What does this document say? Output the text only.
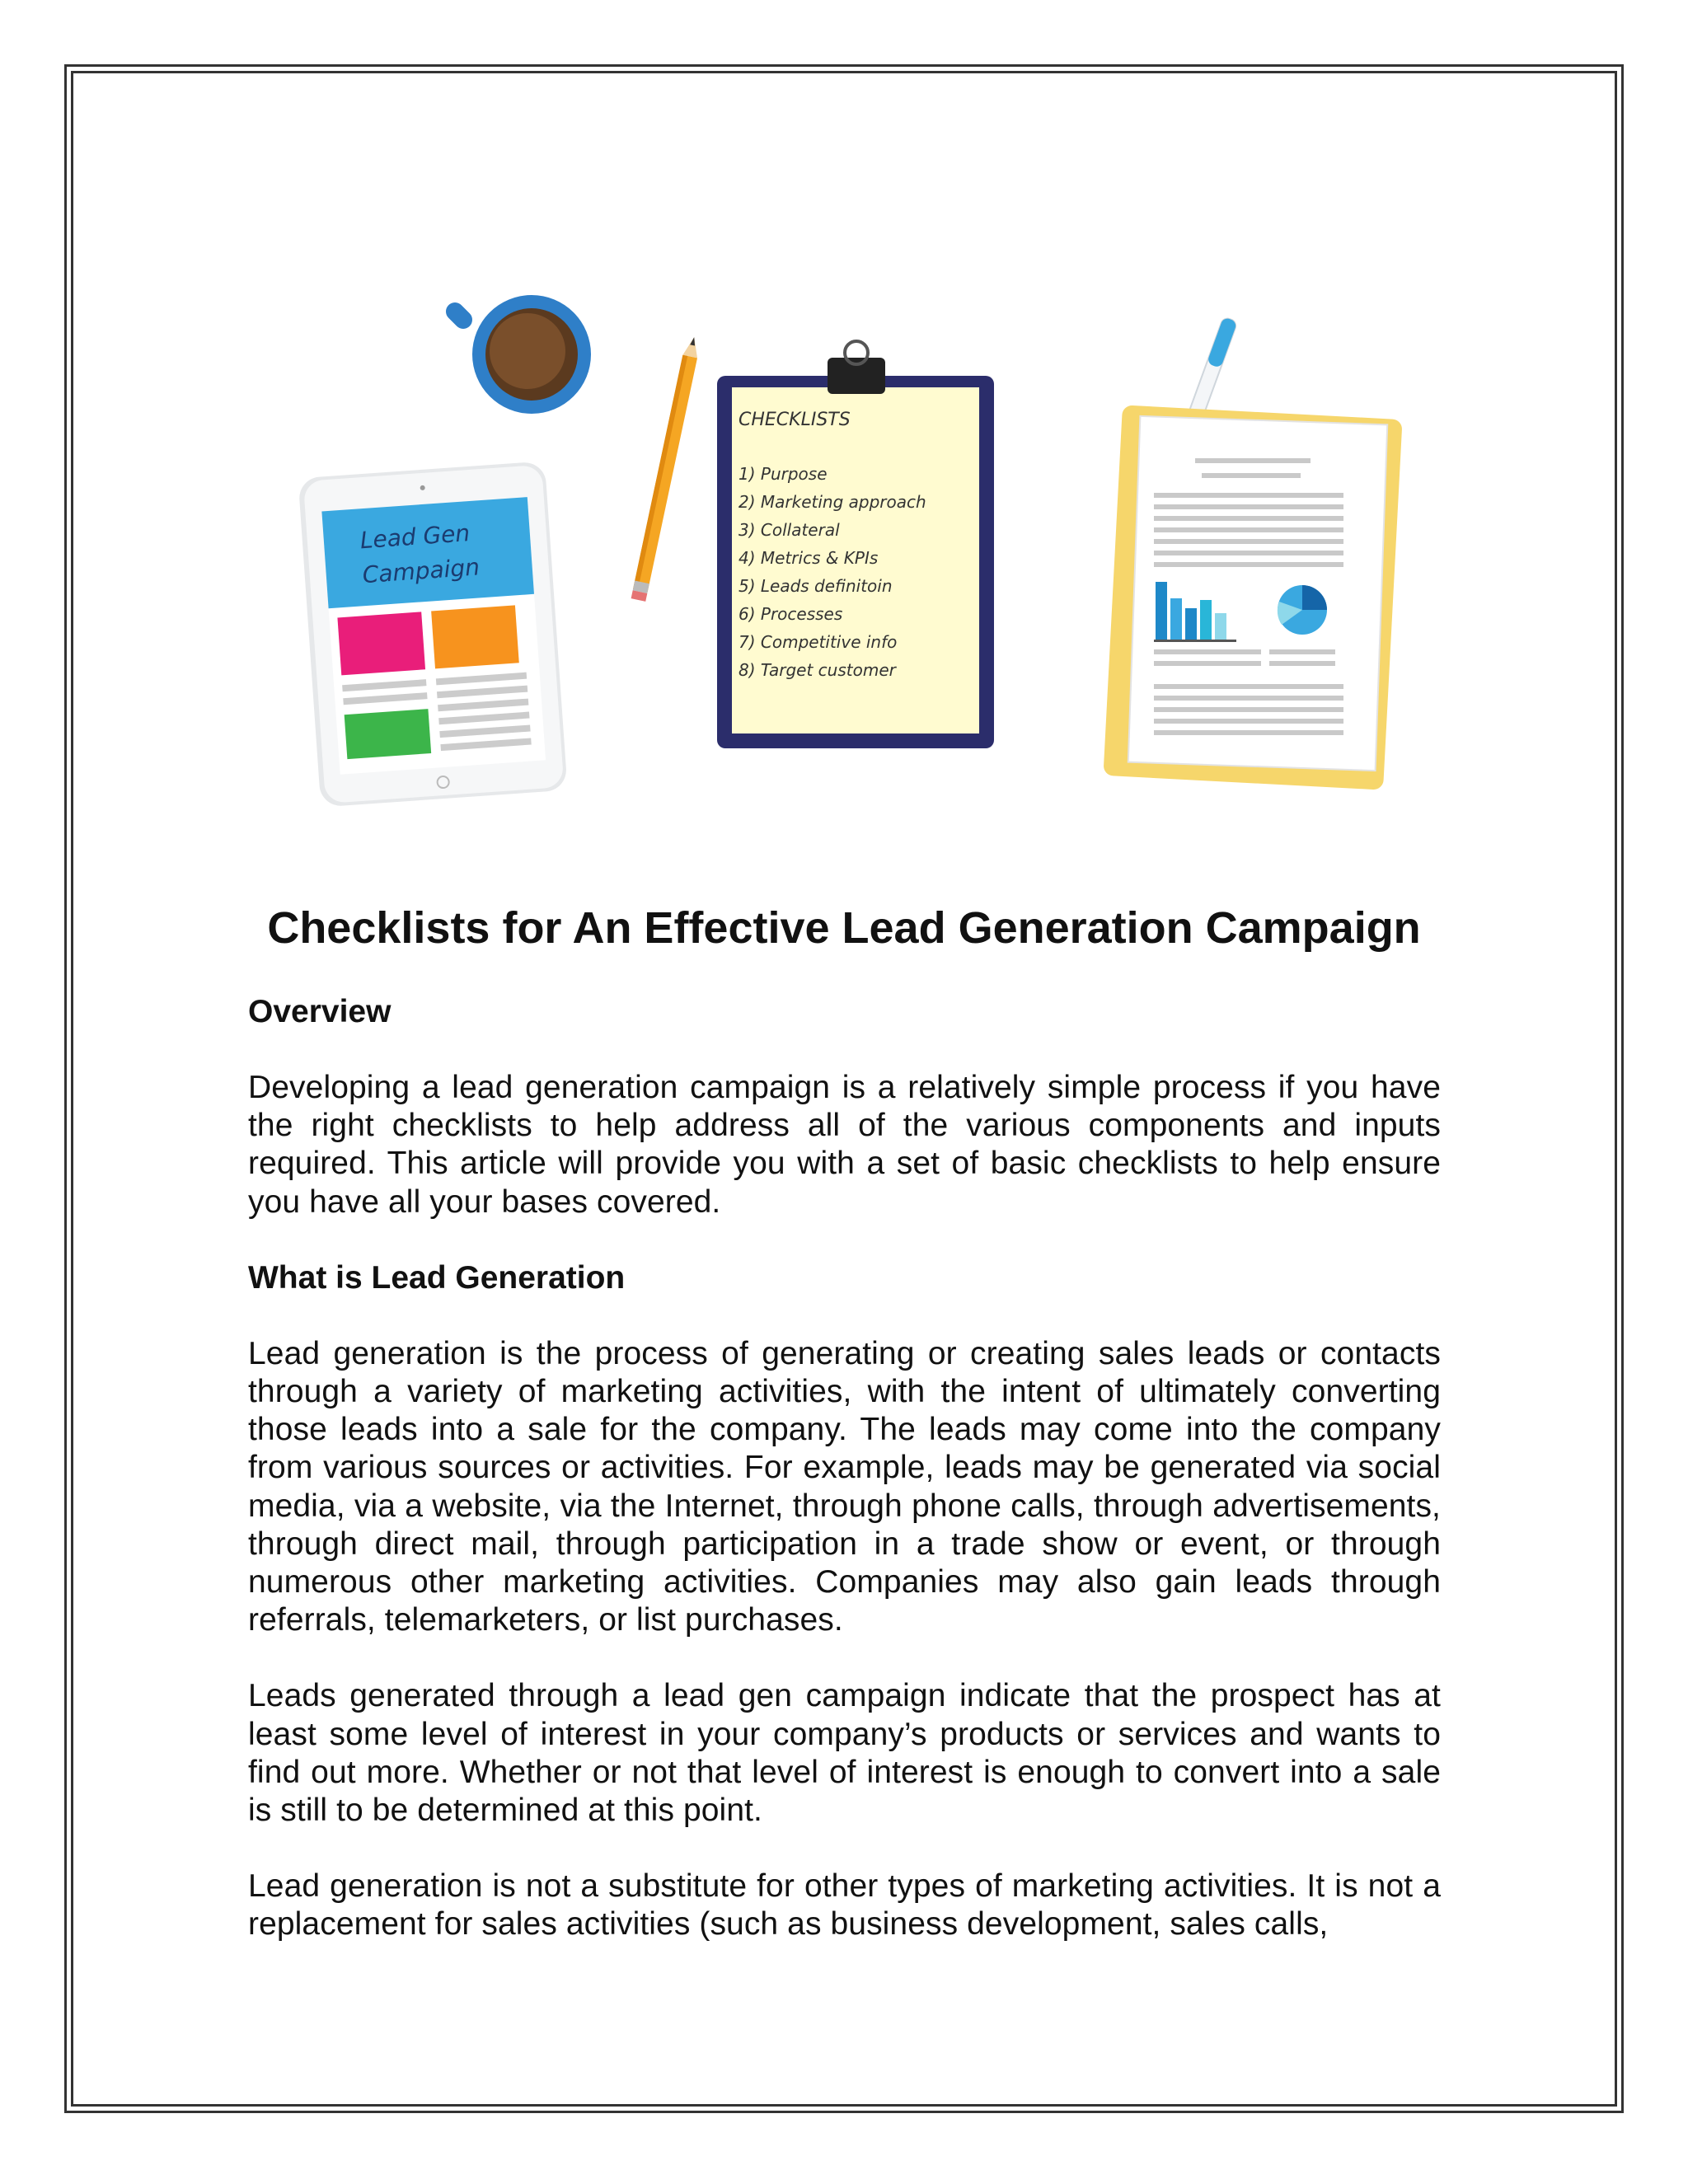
Lead Gen
Campaign
CHECKLISTS
1) Purpose
2) Marketing approach
3) Collateral
4) Metrics & KPIs
5) Leads definitoin
6) Processes
7) Competitive info
8) Target customer
Checklists for An Effective Lead Generation Campaign
Overview

Developing a lead generation campaign is a relatively simple process if you have the right checklists to help address all of the various components and inputs required. This article will provide you with a set of basic checklists to help ensure you have all your bases covered.

What is Lead Generation

Lead generation is the process of generating or creating sales leads or contacts through a variety of marketing activities, with the intent of ultimately converting those leads into a sale for the company. The leads may come into the company from various sources or activities. For example, leads may be generated via social media, via a website, via the Internet, through phone calls, through advertisements, through direct mail, through participation in a trade show or event, or through numerous other marketing activities. Companies may also gain leads through referrals, telemarketers, or list purchases.

Leads generated through a lead gen campaign indicate that the prospect has at least some level of interest in your company’s products or services and wants to find out more. Whether or not that level of interest is enough to convert into a sale is still to be determined at this point.

Lead generation is not a substitute for other types of marketing activities. It is not a replacement for sales activities (such as business development, sales calls,
